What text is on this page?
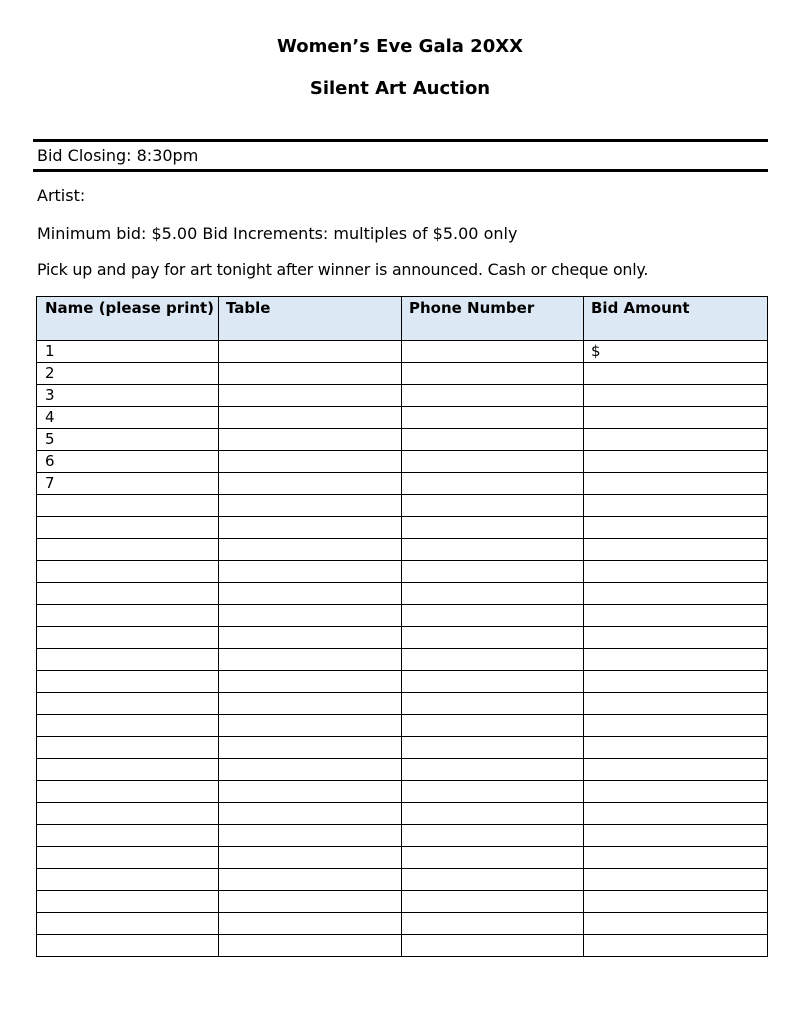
Women’s Eve Gala 20XX
Silent Art Auction
Bid Closing: 8:30pm
Artist:
Minimum bid: $5.00 Bid Increments: multiples of $5.00 only
Pick up and pay for art tonight after winner is announced. Cash or cheque only.
Name (please print)	Table	Phone Number	Bid Amount
1			$
2			
3			
4			
5			
6			
7			
